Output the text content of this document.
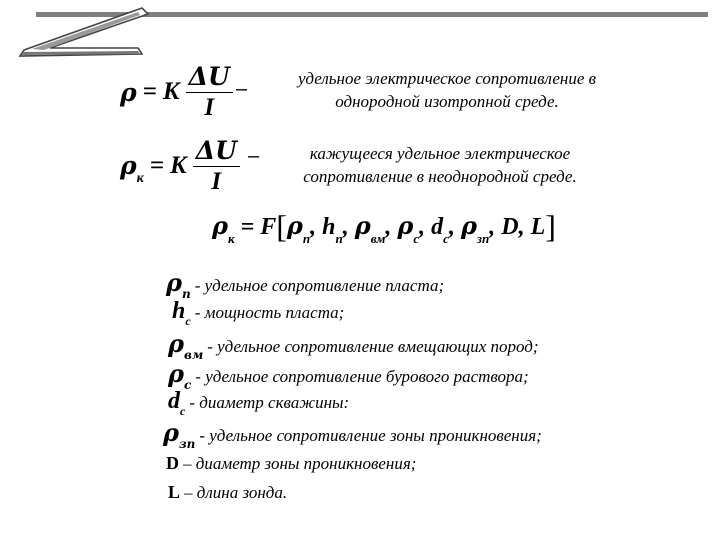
ρ = K $\frac{\Delta U}{I}$ –	удельное электрическое сопротивление в однородной изотропной среде.
$\rho_к = K \frac{\Delta U}{I}$ –	кажущееся удельное электрическое сопротивление в неоднородной среде.
$\rho_к = F[\rho_п$, $h_п$, $\rho_{вм}$, $\rho_с$, $d_с$, $\rho_{зп}$, D, L]
$\rho_п$ - удельное сопротивление пласта;
$h_с$ - мощность пласта;
$\rho_{вм}$ - удельное сопротивление вмещающих пород;
$\rho_с$ - удельное сопротивление бурового раствора;
$d_с$ - диаметр скважины:
$\rho_{зп}$ - удельное сопротивление зоны проникновения;
D – диаметр зоны проникновения;
L – длина зонда.
